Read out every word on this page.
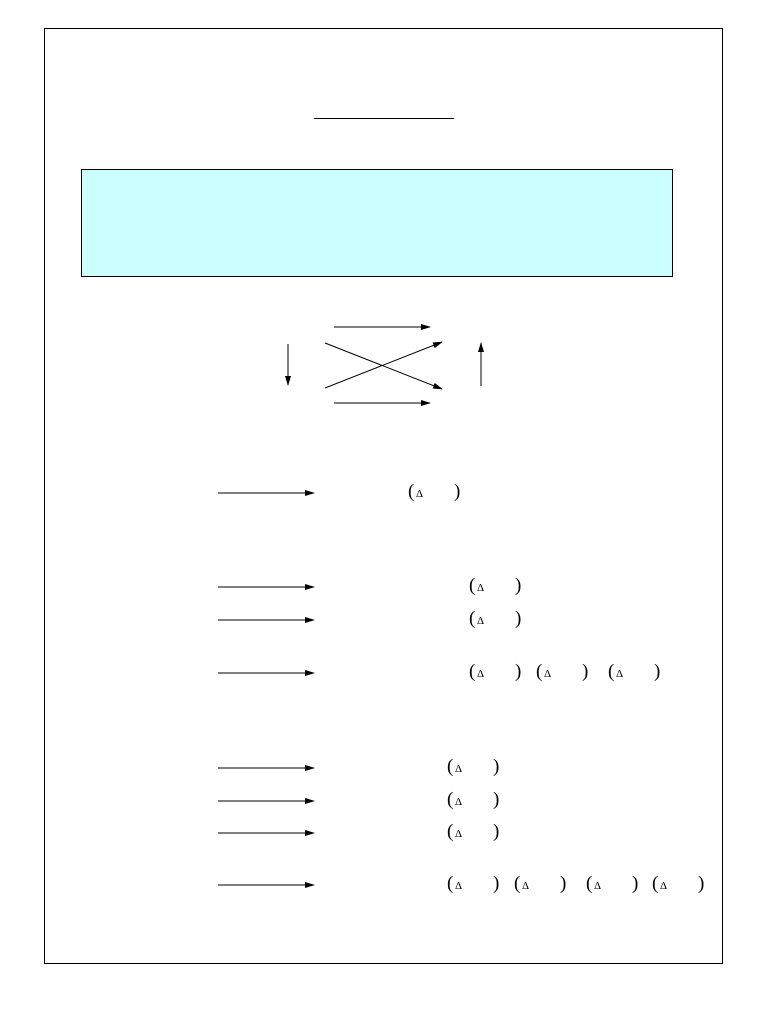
( Δ )
( Δ )
( Δ )
( Δ ) ( Δ ) ( Δ )
( Δ )
( Δ )
( Δ )
( Δ ) ( Δ ) ( Δ ) ( Δ )
